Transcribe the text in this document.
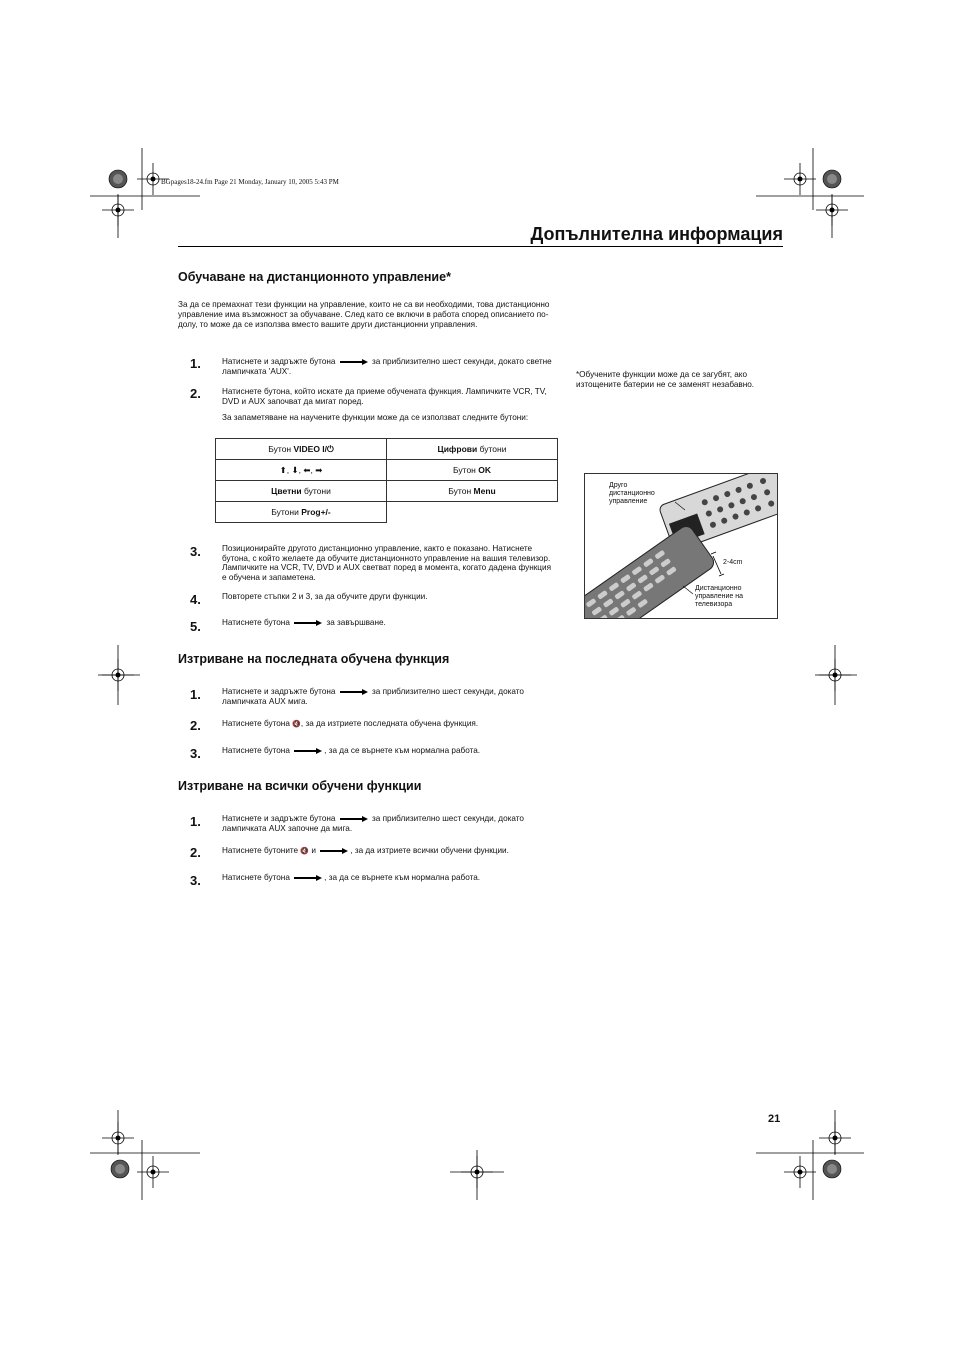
BGpages18-24.fm Page 21 Monday, January 10, 2005 5:43 PM
Допълнителна информация
Обучаване на дистанционното управление*
За да се премахнат тези функции на управление, които не са ви необходими, това дистанционно управление има възможност за обучаване. След като се включи в работа според описанието по-долу, то може да се използва вместо вашите други дистанционни управления.
1.	Натиснете и задръжте бутона	за приблизително шест секунди, докато светне лампичката 'AUX'.
2.	Натиснете бутона, който искате да приеме обучената функция. Лампичките VCR, TV, DVD и AUX започват да мигат поред.
За запаметяване на научените функции може да се използват следните бутони:
Бутон VIDEO I/⏻	Цифрови бутони
⬆, ⬇, ⬅, ➡	Бутон OK
Цветни бутони	Бутон Menu
Бутони Prog+/-	
3.	Позиционирайте другото дистанционно управление, както е показано. Натиснете бутона, с който желаете да обучите дистанционното управление на вашия телевизор. Лампичките на VCR, TV, DVD и AUX светват поред в момента, когато дадена функция е обучена и запаметена.
4.	Повторете стъпки 2 и 3, за да обучите други функции.
5.	Натиснете бутона	за завършване.
*Обучените функции може да се загубят, ако изтощените батерии не се заменят незабавно.
Друго дистанционно управление
2-4cm
Дистанционно управление на телевизора
Изтриване на последната обучена функция
1.	Натиснете и задръжте бутона	за приблизително шест секунди, докато лампичката AUX мига.
2.	Натиснете бутона 🔇, за да изтриете последната обучена функция.
3.	Натиснете бутона	, за да се върнете към нормална работа.
Изтриване на всички обучени функции
1.	Натиснете и задръжте бутона	за приблизително шест секунди, докато лампичката AUX започне да мига.
2.	Натиснете бутоните 🔇 и	, за да изтриете всички обучени функции.
3.	Натиснете бутона	, за да се върнете към нормална работа.
21
